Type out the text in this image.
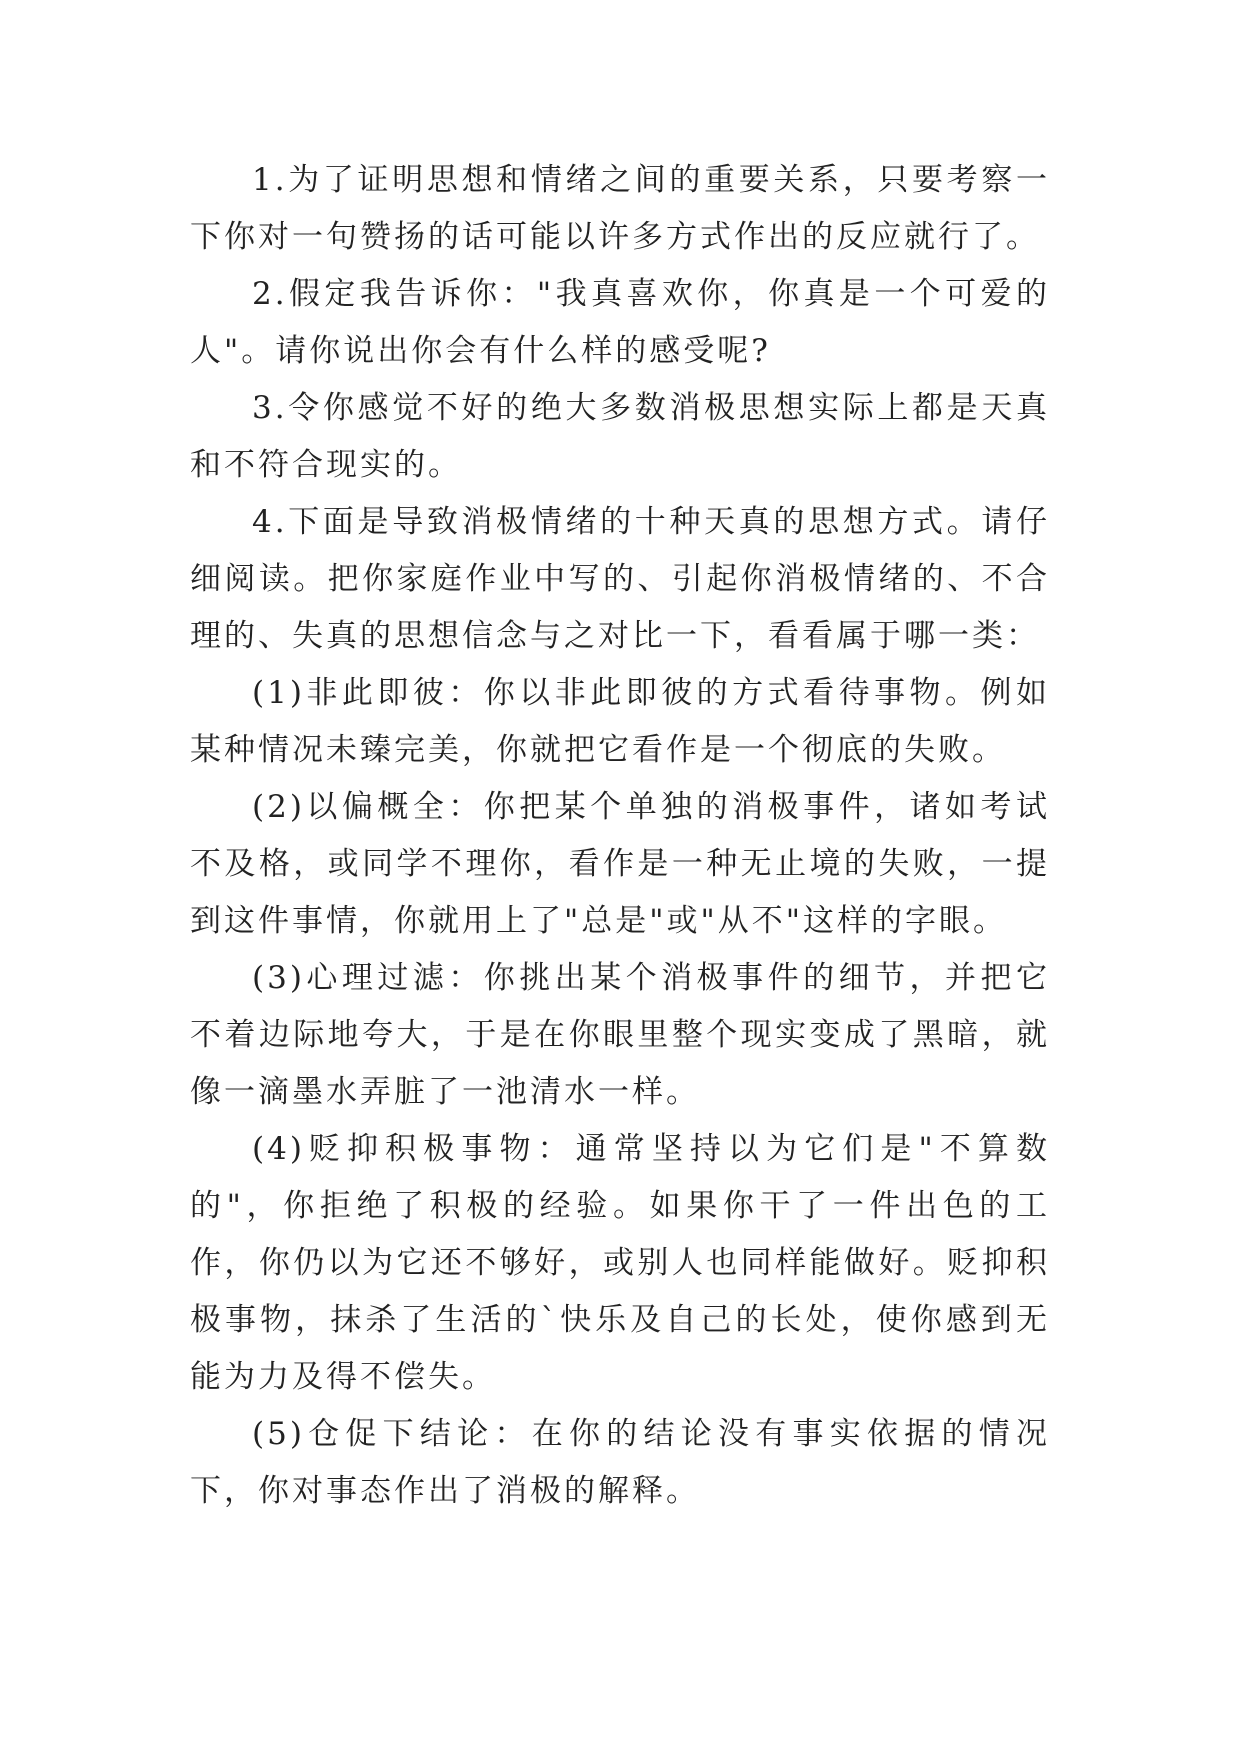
1.为了证明思想和情绪之间的重要关系，只要考察一下你对一句赞扬的话可能以许多方式作出的反应就行了。

2.假定我告诉你："我真喜欢你，你真是一个可爱的人"。请你说出你会有什么样的感受呢?

3.令你感觉不好的绝大多数消极思想实际上都是天真和不符合现实的。

4.下面是导致消极情绪的十种天真的思想方式。请仔细阅读。把你家庭作业中写的、引起你消极情绪的、不合理的、失真的思想信念与之对比一下，看看属于哪一类：

(1)非此即彼：你以非此即彼的方式看待事物。例如某种情况未臻完美，你就把它看作是一个彻底的失败。

(2)以偏概全：你把某个单独的消极事件，诸如考试不及格，或同学不理你，看作是一种无止境的失败，一提到这件事情，你就用上了"总是"或"从不"这样的字眼。

(3)心理过滤：你挑出某个消极事件的细节，并把它不着边际地夸大，于是在你眼里整个现实变成了黑暗，就像一滴墨水弄脏了一池清水一样。

(4)贬抑积极事物：通常坚持以为它们是"不算数的"，你拒绝了积极的经验。如果你干了一件出色的工作，你仍以为它还不够好，或别人也同样能做好。贬抑积极事物，抹杀了生活的`快乐及自己的长处，使你感到无能为力及得不偿失。

(5)仓促下结论：在你的结论没有事实依据的情况下，你对事态作出了消极的解释。
